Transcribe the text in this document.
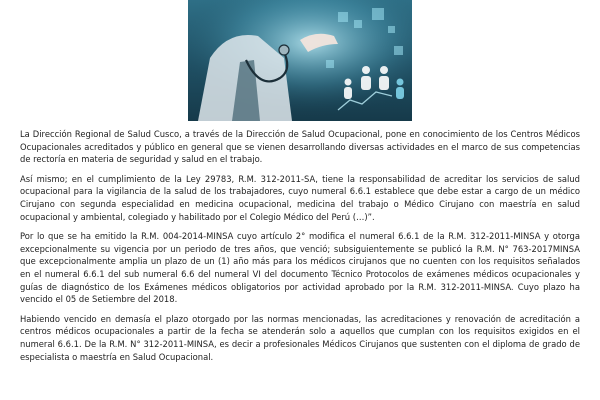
La Dirección Regional de Salud Cusco, a través de la Dirección de Salud Ocupacional, pone en conocimiento de los Centros Médicos Ocupacionales acreditados y público en general que se vienen desarrollando diversas actividades en el marco de sus competencias de rectoría en materia de seguridad y salud en el trabajo.

Así mismo; en el cumplimiento de la Ley 29783, R.M. 312-2011-SA, tiene la responsabilidad de acreditar los servicios de salud ocupacional para la vigilancia de la salud de los trabajadores, cuyo numeral 6.6.1 establece que debe estar a cargo de un médico Cirujano con segunda especialidad en medicina ocupacional, medicina del trabajo o Médico Cirujano con maestría en salud ocupacional y ambiental, colegiado y habilitado por el Colegio Médico del Perú (…)”.

Por lo que se ha emitido la R.M. 004-2014-MINSA cuyo artículo 2° modifica el numeral 6.6.1 de la R.M. 312-2011-MINSA y otorga excepcionalmente su vigencia por un periodo de tres años, que venció; subsiguientemente se publicó la R.M. N° 763-2017MINSA que excepcionalmente amplia un plazo de un (1) año más para los médicos cirujanos que no cuenten con los requisitos señalados en el numeral 6.6.1 del sub numeral 6.6 del numeral VI del documento Técnico Protocolos de exámenes médicos ocupacionales y guías de diagnóstico de los Exámenes médicos obligatorios por actividad aprobado por la R.M. 312-2011-MINSA. Cuyo plazo ha vencido el 05 de Setiembre del 2018.

Habiendo vencido en demasía el plazo otorgado por las normas mencionadas, las acreditaciones y renovación de acreditación a centros médicos ocupacionales a partir de la fecha se atenderán solo a aquellos que cumplan con los requisitos exigidos en el numeral 6.6.1. De la R.M. N° 312-2011-MINSA, es decir a profesionales Médicos Cirujanos que sustenten con el diploma de grado de especialista o maestría en Salud Ocupacional.
